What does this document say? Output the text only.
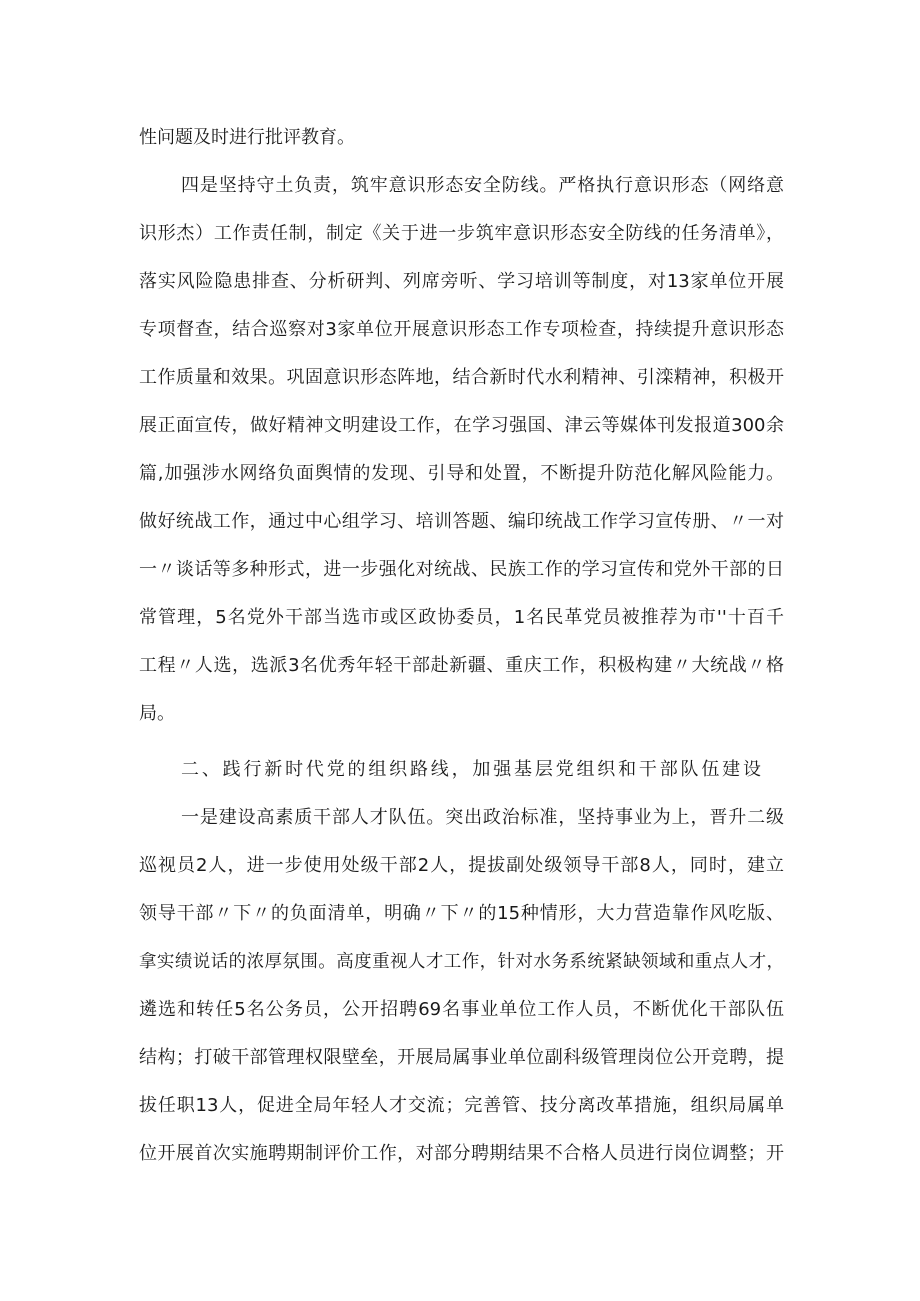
性问题及时进行批评教育。
四是坚持守土负责，筑牢意识形态安全防线。严格执行意识形态（网络意
识形杰）工作责任制，制定《关于进一步筑牢意识形态安全防线的任务清单》，
落实风险隐患排查、分析研判、列席旁听、学习培训等制度，对13家单位开展
专项督查，结合巡察对3家单位开展意识形态工作专项检查，持续提升意识形态
工作质量和效果。巩固意识形态阵地，结合新时代水利精神、引滦精神，积极开
展正面宣传，做好精神文明建设工作，在学习强国、津云等媒体刊发报道300余
篇,加强涉水网络负面舆情的发现、引导和处置，不断提升防范化解风险能力。
做好统战工作，通过中心组学习、培训答题、编印统战工作学习宣传册、〃一对
一〃谈话等多种形式，进一步强化对统战、民族工作的学习宣传和党外干部的日
常管理，5名党外干部当选市或区政协委员，1名民革党员被推荐为市''十百千
工程〃人选，选派3名优秀年轻干部赴新疆、重庆工作，积极构建〃大统战〃格
局。
二、践行新时代党的组织路线，加强基层党组织和干部队伍建设
一是建设高素质干部人才队伍。突出政治标准，坚持事业为上，晋升二级
巡视员2人，进一步使用处级干部2人，提拔副处级领导干部8人，同时，建立
领导干部〃下〃的负面清单，明确〃下〃的15种情形，大力营造靠作风吃版、
拿实绩说话的浓厚氛围。高度重视人才工作，针对水务系统紧缺领域和重点人才，
遴选和转任5名公务员，公开招聘69名事业单位工作人员，不断优化干部队伍
结构；打破干部管理权限壁垒，开展局属事业单位副科级管理岗位公开竞聘，提
拔任职13人，促进全局年轻人才交流；完善管、技分离改革措施，组织局属单
位开展首次实施聘期制评价工作，对部分聘期结果不合格人员进行岗位调整；开
